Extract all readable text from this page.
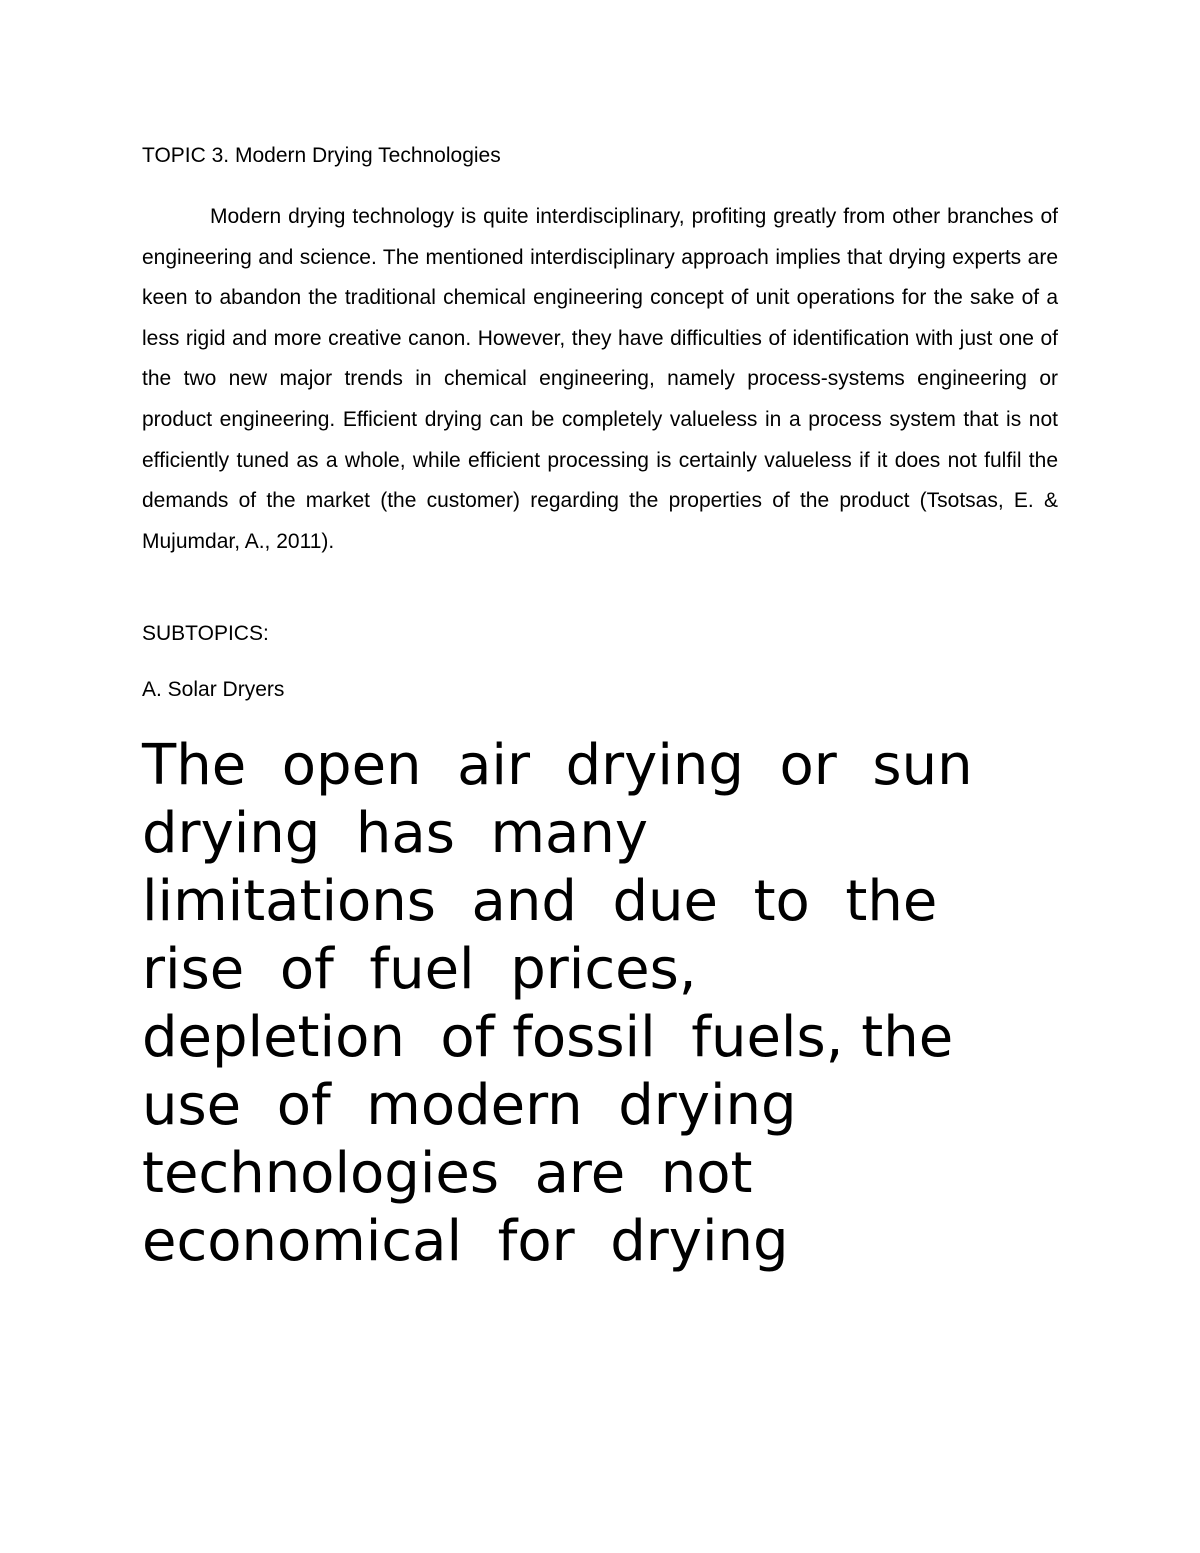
TOPIC 3. Modern Drying Technologies

Modern drying technology is quite interdisciplinary, profiting greatly from other branches of engineering and science. The mentioned interdisciplinary approach implies that drying experts are keen to abandon the traditional chemical engineering concept of unit operations for the sake of a less rigid and more creative canon. However, they have difficulties of identification with just one of the two new major trends in chemical engineering, namely process-systems engineering or product engineering. Efficient drying can be completely valueless in a process system that is not efficiently tuned as a whole, while efficient processing is certainly valueless if it does not fulfil the demands of the market (the customer) regarding the properties of the product (Tsotsas, E. & Mujumdar, A., 2011).

SUBTOPICS:
A. Solar Dryers
The  open  air  drying  or  sun
drying  has  many
limitations  and  due  to  the
rise  of  fuel  prices,
depletion  of fossil  fuels, the
use  of  modern  drying
technologies  are  not
economical  for  drying
